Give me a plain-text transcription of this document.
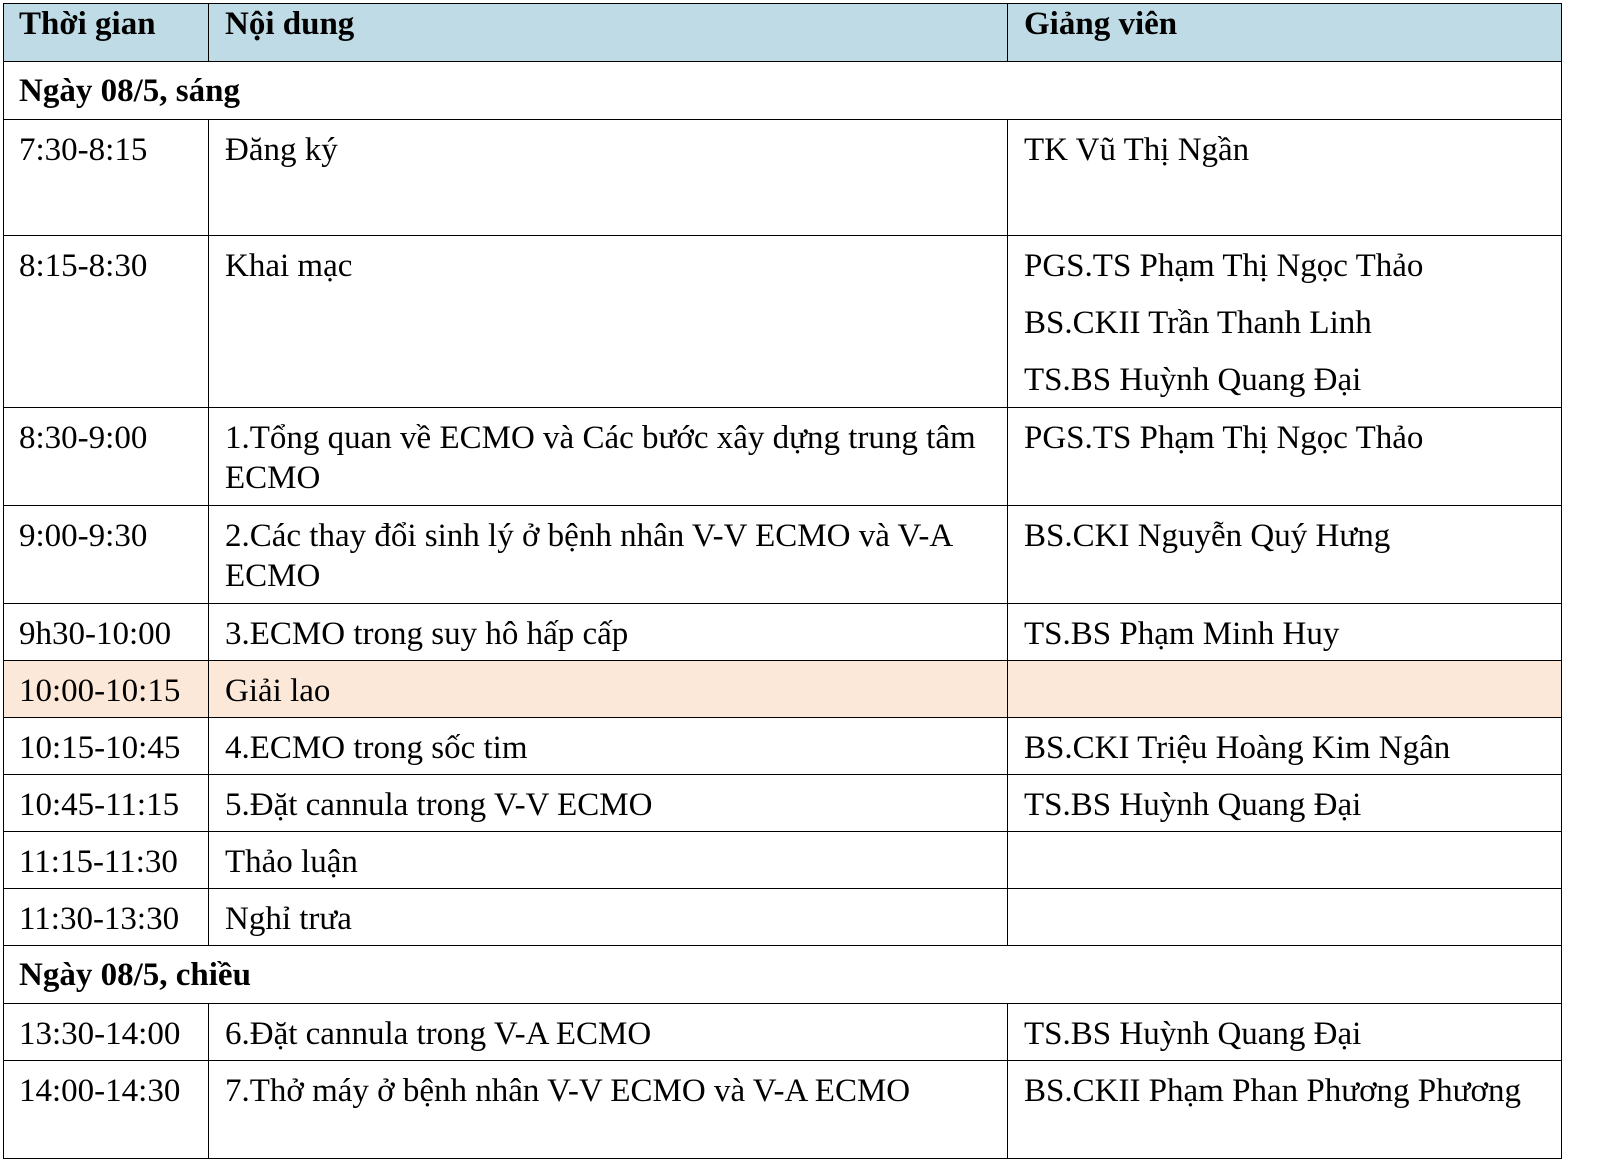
Thời gian	Nội dung	Giảng viên

Ngày 08/5, sáng		

7:30-8:15	Đăng ký	TK Vũ Thị Ngần

8:15-8:30	Khai mạc	PGS.TS Phạm Thị Ngọc Thảo
BS.CKII Trần Thanh Linh
TS.BS Huỳnh Quang Đại

8:30-9:00	1.Tổng quan về ECMO và Các bước xây dựng trung tâm ECMO	PGS.TS Phạm Thị Ngọc Thảo

9:00-9:30	2.Các thay đổi sinh lý ở bệnh nhân V-V ECMO và V-A ECMO	BS.CKI Nguyễn Quý Hưng

9h30-10:00	3.ECMO trong suy hô hấp cấp	TS.BS Phạm Minh Huy

10:00-10:15	Giải lao	

10:15-10:45	4.ECMO trong sốc tim	BS.CKI Triệu Hoàng Kim Ngân

10:45-11:15	5.Đặt cannula trong V-V ECMO	TS.BS Huỳnh Quang Đại

11:15-11:30	Thảo luận	

11:30-13:30	Nghỉ trưa	

Ngày 08/5, chiều		

13:30-14:00	6.Đặt cannula trong V-A ECMO	TS.BS Huỳnh Quang Đại

14:00-14:30	7.Thở máy ở bệnh nhân V-V ECMO và V-A ECMO	BS.CKII Phạm Phan Phương Phương
